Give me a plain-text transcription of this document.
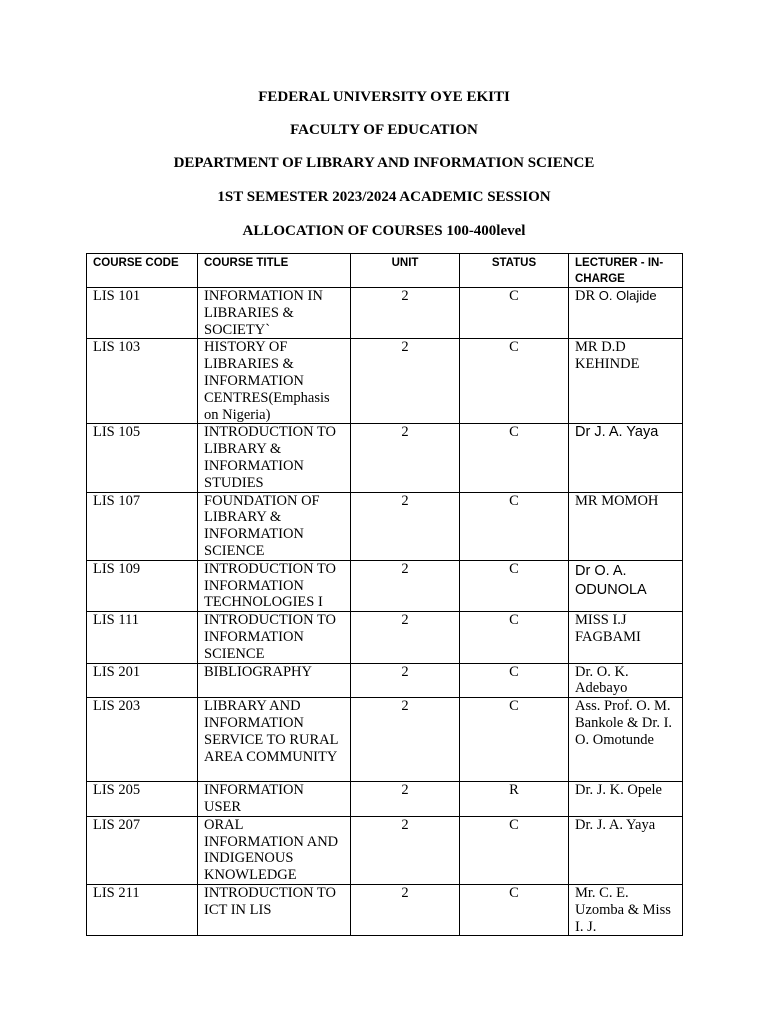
FEDERAL UNIVERSITY OYE EKITI
FACULTY OF EDUCATION
DEPARTMENT OF LIBRARY AND INFORMATION SCIENCE
1ST SEMESTER 2023/2024 ACADEMIC SESSION
ALLOCATION OF COURSES 100-400level
COURSE CODE	COURSE TITLE	UNIT	STATUS	LECTURER - IN-CHARGE
LIS 101	INFORMATION IN LIBRARIES & SOCIETY`	2	C	DR O. Olajide
LIS 103	HISTORY OF LIBRARIES & INFORMATION CENTRES(Emphasis on Nigeria)	2	C	MR D.D KEHINDE
LIS 105	INTRODUCTION TO LIBRARY & INFORMATION STUDIES	2	C	Dr J. A. Yaya
LIS 107	FOUNDATION OF LIBRARY & INFORMATION SCIENCE	2	C	MR MOMOH
LIS 109	INTRODUCTION TO INFORMATION TECHNOLOGIES I	2	C	Dr O. A. ODUNOLA
LIS 111	INTRODUCTION TO INFORMATION SCIENCE	2	C	MISS I.J FAGBAMI
LIS 201	BIBLIOGRAPHY	2	C	Dr. O. K. Adebayo
LIS 203	LIBRARY AND INFORMATION SERVICE TO RURAL AREA COMMUNITY	2	C	Ass. Prof. O. M. Bankole & Dr. I. O. Omotunde
LIS 205	INFORMATION USER	2	R	Dr. J. K. Opele
LIS 207	ORAL INFORMATION AND INDIGENOUS KNOWLEDGE	2	C	Dr. J. A. Yaya
LIS 211	INTRODUCTION TO ICT IN LIS	2	C	Mr. C. E. Uzomba & Miss I. J.
